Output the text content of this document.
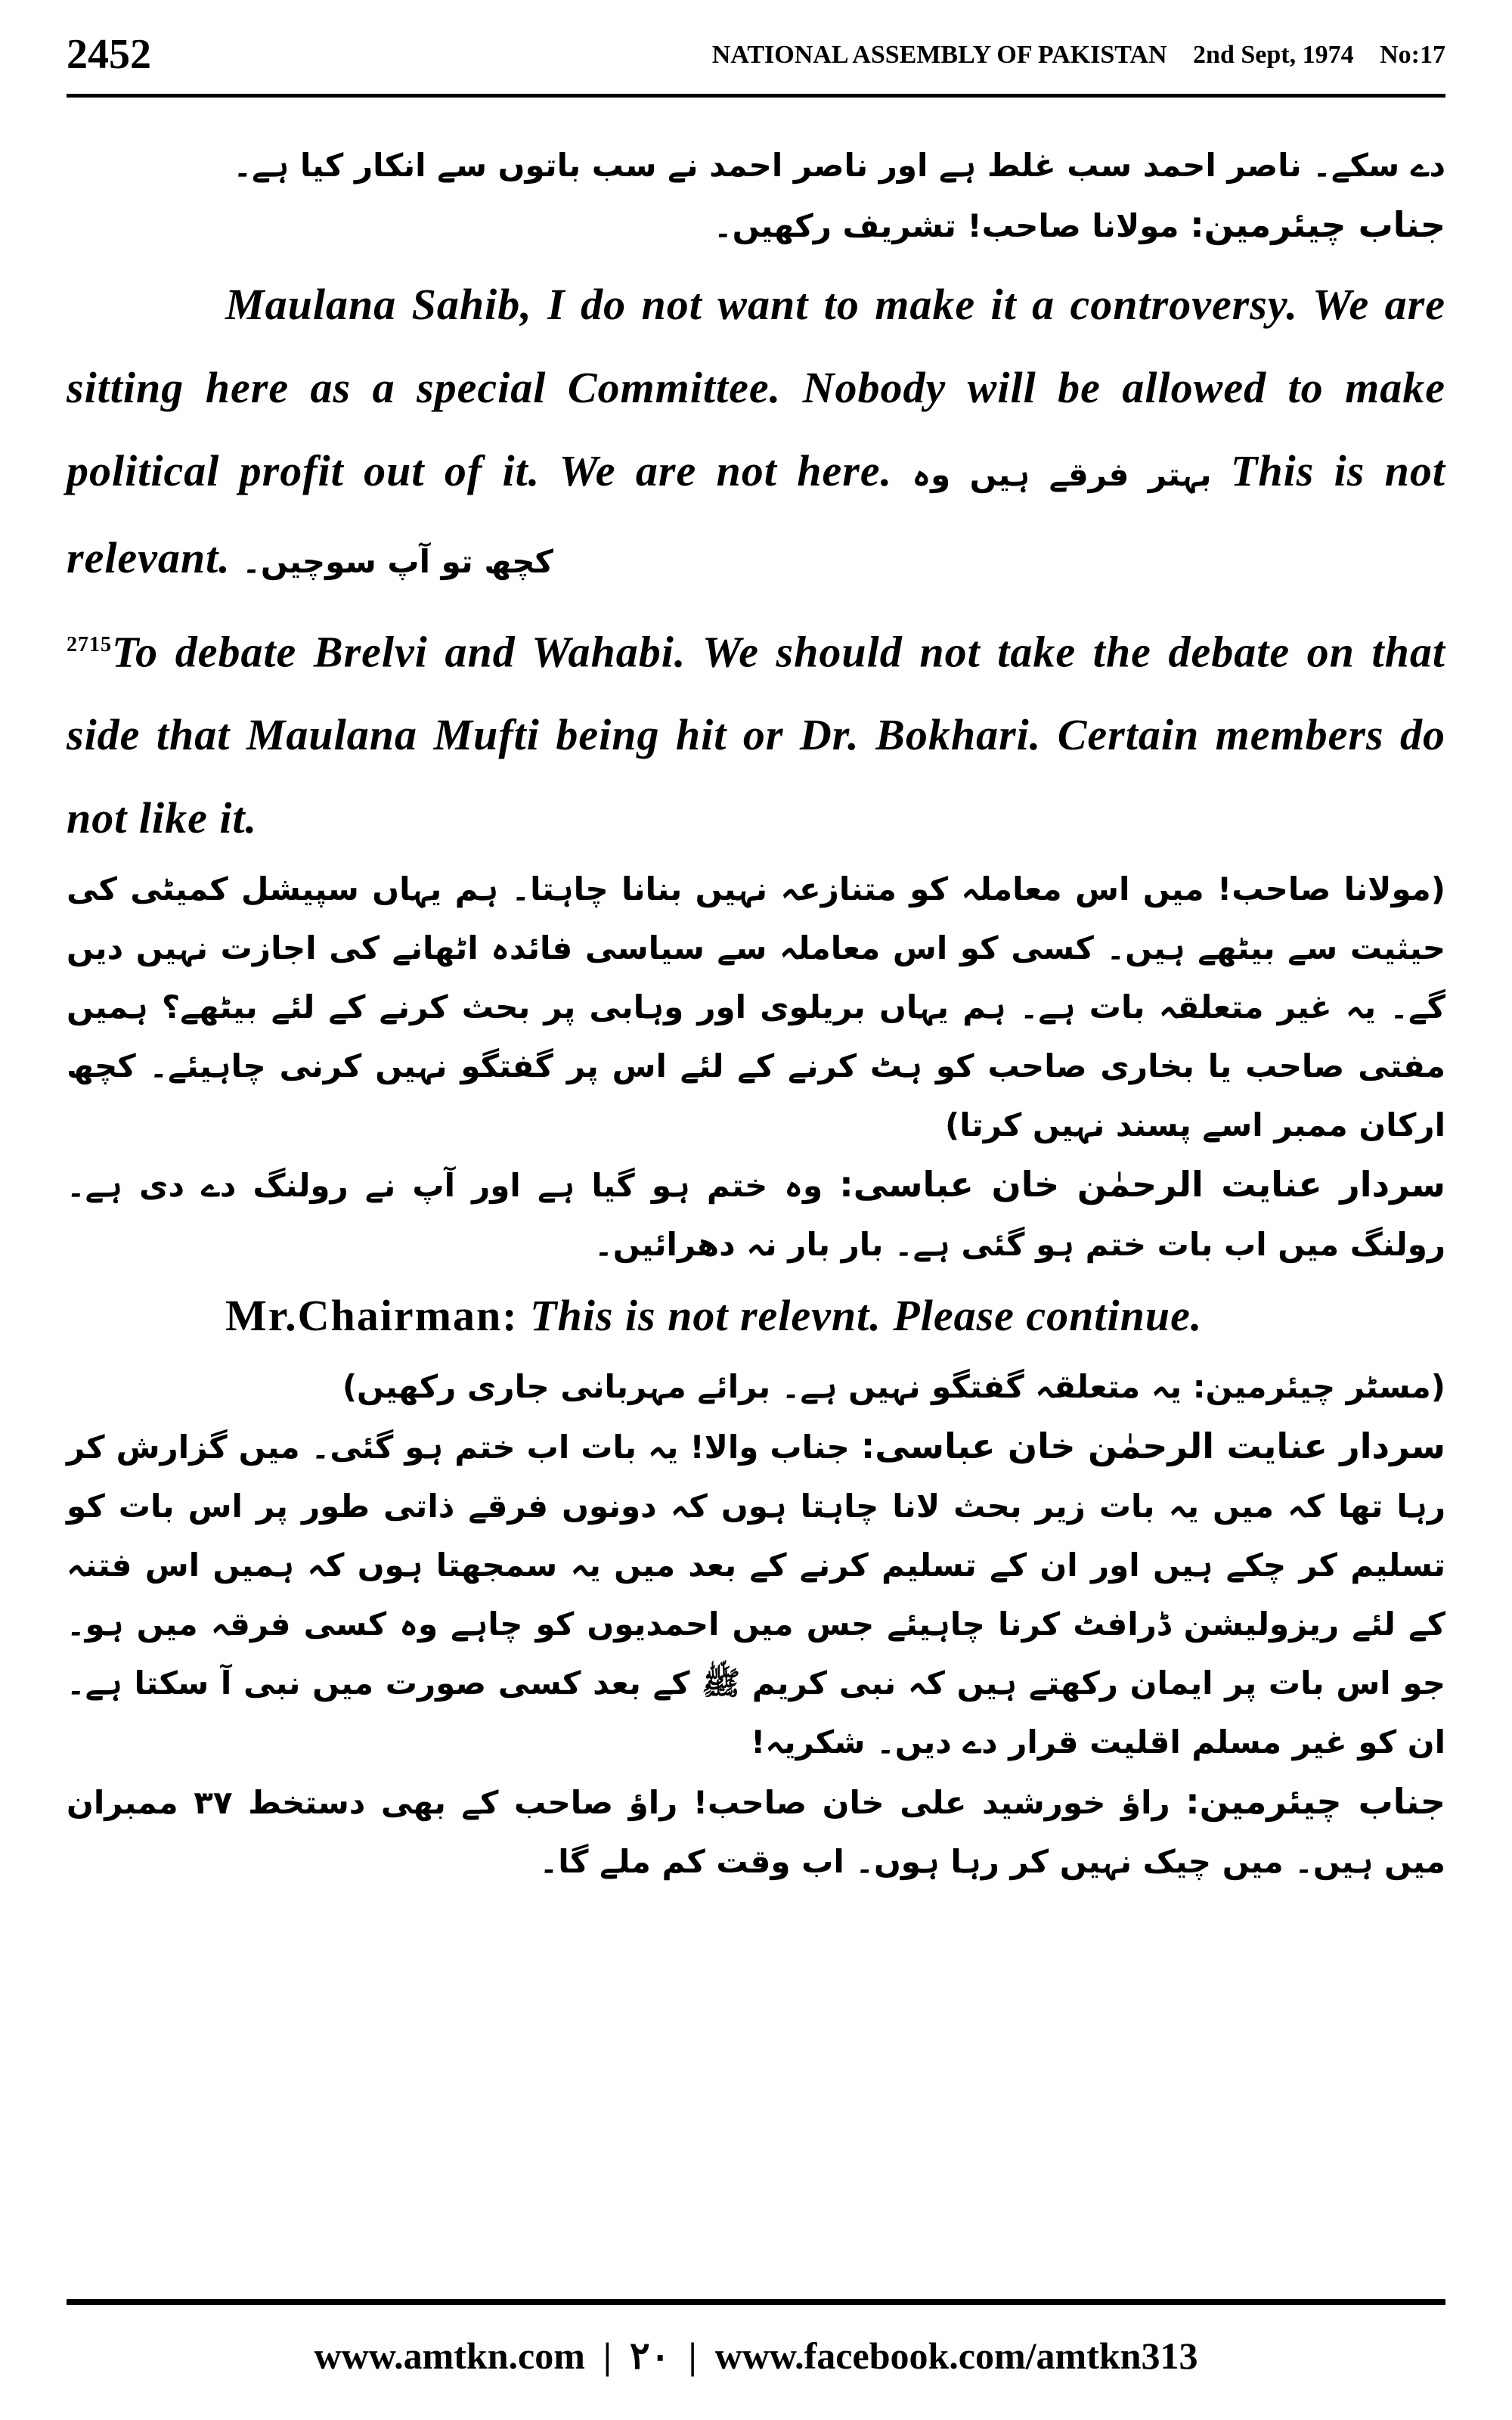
2452	NATIONAL ASSEMBLY OF PAKISTAN 2nd Sept, 1974 No:17

دے سکے۔ ناصر احمد سب غلط ہے اور ناصر احمد نے سب باتوں سے انکار کیا ہے۔

جناب چیئرمین: مولانا صاحب! تشریف رکھیں۔

Maulana Sahib, I do not want to make it a controversy. We are sitting here as a special Committee. Nobody will be allowed to make political profit out of it. We are not here. بہتر فرقے ہیں وہ This is not relevant. کچھ تو آپ سوچیں۔

$^{2715}$To debate Brelvi and Wahabi. We should not take the debate on that side that Maulana Mufti being hit or Dr. Bokhari. Certain members do not like it.

(مولانا صاحب! میں اس معاملہ کو متنازعہ نہیں بنانا چاہتا۔ ہم یہاں سپیشل کمیٹی کی حیثیت سے بیٹھے ہیں۔ کسی کو اس معاملہ سے سیاسی فائدہ اٹھانے کی اجازت نہیں دیں گے۔ یہ غیر متعلقہ بات ہے۔ ہم یہاں بریلوی اور وہابی پر بحث کرنے کے لئے بیٹھے؟ ہمیں مفتی صاحب یا بخاری صاحب کو ہٹ کرنے کے لئے اس پر گفتگو نہیں کرنی چاہیئے۔ کچھ ارکان ممبر اسے پسند نہیں کرتا)

سردار عنایت الرحمٰن خان عباسی: وہ ختم ہو گیا ہے اور آپ نے رولنگ دے دی ہے۔ رولنگ میں اب بات ختم ہو گئی ہے۔ بار بار نہ دھرائیں۔

Mr.Chairman: This is not relevnt. Please continue.

(مسٹر چیئرمین: یہ متعلقہ گفتگو نہیں ہے۔ برائے مہربانی جاری رکھیں)

سردار عنایت الرحمٰن خان عباسی: جناب والا! یہ بات اب ختم ہو گئی۔ میں گزارش کر رہا تھا کہ میں یہ بات زیر بحث لانا چاہتا ہوں کہ دونوں فرقے ذاتی طور پر اس بات کو تسلیم کر چکے ہیں اور ان کے تسلیم کرنے کے بعد میں یہ سمجھتا ہوں کہ ہمیں اس فتنہ کے لئے ریزولیشن ڈرافٹ کرنا چاہیئے جس میں احمدیوں کو چاہے وہ کسی فرقہ میں ہو۔ جو اس بات پر ایمان رکھتے ہیں کہ نبی کریم ﷺ کے بعد کسی صورت میں نبی آ سکتا ہے۔ ان کو غیر مسلم اقلیت قرار دے دیں۔ شکریہ!

جناب چیئرمین: راؤ خورشید علی خان صاحب! راؤ صاحب کے بھی دستخط ۳۷ ممبران میں ہیں۔ میں چیک نہیں کر رہا ہوں۔ اب وقت کم ملے گا۔

www.amtkn.com | ۲۰ | www.facebook.com/amtkn313
